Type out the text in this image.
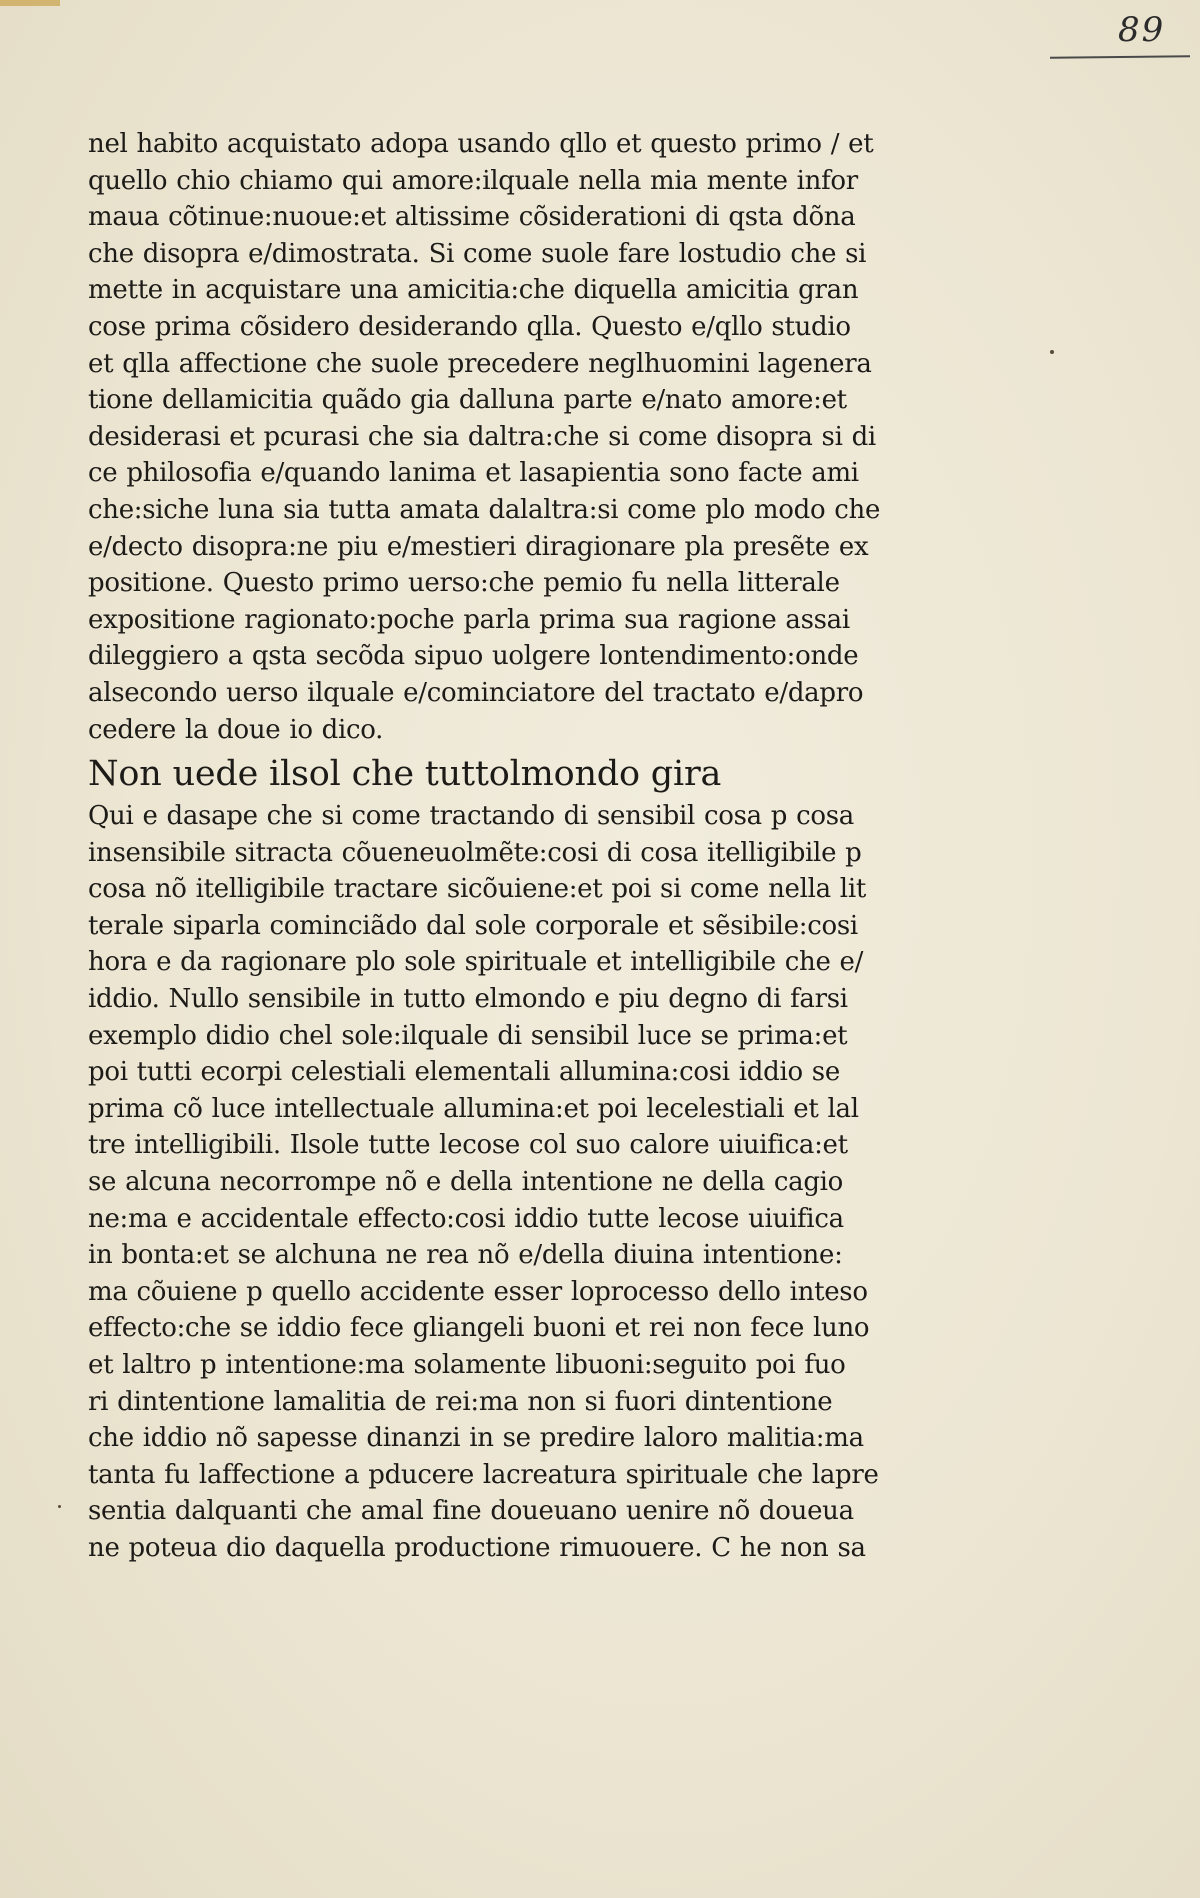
89
nel habito acquistato adopa usando qllo et questo primo / et
quello chio chiamo qui amore:ilquale nella mia mente infor
maua cõtinue:nuoue:et altissime cõsiderationi di qsta dõna
che disopra e/dimostrata. Si come suole fare lostudio che si
mette in acquistare una amicitia:che diquella amicitia gran
cose prima cõsidero desiderando qlla. Questo e/qllo studio
et qlla affectione che suole precedere neglhuomini lagenera
tione dellamicitia quãdo gia dalluna parte e/nato amore:et
desiderasi et pcurasi che sia daltra:che si come disopra si di
ce philosofia e/quando lanima et lasapientia sono facte ami
che:siche luna sia tutta amata dalaltra:si come plo modo che
e/decto disopra:ne piu e/mestieri diragionare pla presẽte ex
positione. Questo primo uerso:che pemio fu nella litterale
expositione ragionato:poche parla prima sua ragione assai
dileggiero a qsta secõda sipuo uolgere lontendimento:onde
alsecondo uerso ilquale e/cominciatore del tractato e/dapro
cedere la doue io dico.
Non uede ilsol che tuttolmondo gira
Qui e dasape che si come tractando di sensibil cosa p cosa
insensibile sitracta cõueneuolmẽte:cosi di cosa itelligibile p
cosa nõ itelligibile tractare sicõuiene:et poi si come nella lit
terale siparla cominciãdo dal sole corporale et sẽsibile:cosi
hora e da ragionare plo sole spirituale et intelligibile che e/
iddio. Nullo sensibile in tutto elmondo e piu degno di farsi
exemplo didio chel sole:ilquale di sensibil luce se prima:et
poi tutti ecorpi celestiali elementali allumina:cosi iddio se
prima cõ luce intellectuale allumina:et poi lecelestiali et lal
tre intelligibili. Ilsole tutte lecose col suo calore uiuifica:et
se alcuna necorrompe nõ e della intentione ne della cagio
ne:ma e accidentale effecto:cosi iddio tutte lecose uiuifica
in bonta:et se alchuna ne rea nõ e/della diuina intentione:
ma cõuiene p quello accidente esser loprocesso dello inteso
effecto:che se iddio fece gliangeli buoni et rei non fece luno
et laltro p intentione:ma solamente libuoni:seguito poi fuo
ri dintentione lamalitia de rei:ma non si fuori dintentione
che iddio nõ sapesse dinanzi in se predire laloro malitia:ma
tanta fu laffectione a pducere lacreatura spirituale che lapre
sentia dalquanti che amal fine doueuano uenire nõ doueua
ne poteua dio daquella productione rimuouere. C he non sa
